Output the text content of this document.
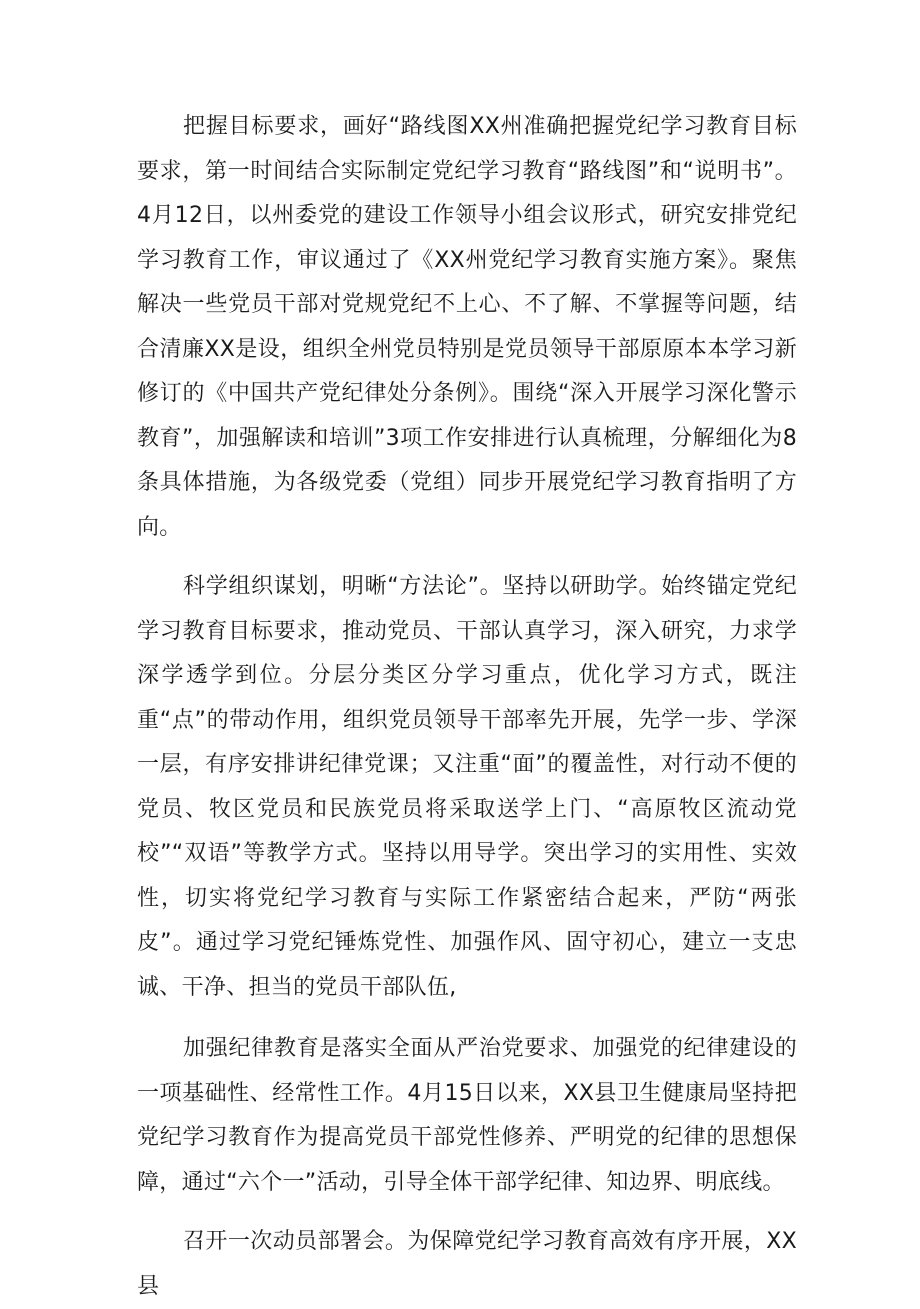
把握目标要求，画好“路线图XX州准确把握党纪学习教育目标要求，第一时间结合实际制定党纪学习教育“路线图”和“说明书”。4月12日，以州委党的建设工作领导小组会议形式，研究安排党纪学习教育工作，审议通过了《XX州党纪学习教育实施方案》。聚焦解决一些党员干部对党规党纪不上心、不了解、不掌握等问题，结合清廉XX是设，组织全州党员特别是党员领导干部原原本本学习新修订的《中国共产党纪律处分条例》。围绕“深入开展学习深化警示教育”，加强解读和培训”3项工作安排进行认真梳理，分解细化为8条具体措施，为各级党委（党组）同步开展党纪学习教育指明了方向。

科学组织谋划，明晰“方法论”。坚持以研助学。始终锚定党纪学习教育目标要求，推动党员、干部认真学习，深入研究，力求学深学透学到位。分层分类区分学习重点，优化学习方式，既注重“点”的带动作用，组织党员领导干部率先开展，先学一步、学深一层，有序安排讲纪律党课；又注重“面”的覆盖性，对行动不便的党员、牧区党员和民族党员将采取送学上门、“高原牧区流动党校”“双语”等教学方式。坚持以用导学。突出学习的实用性、实效性，切实将党纪学习教育与实际工作紧密结合起来，严防“两张皮”。通过学习党纪锤炼党性、加强作风、固守初心，建立一支忠诚、干净、担当的党员干部队伍,

加强纪律教育是落实全面从严治党要求、加强党的纪律建设的一项基础性、经常性工作。4月15日以来，XX县卫生健康局坚持把党纪学习教育作为提高党员干部党性修养、严明党的纪律的思想保障，通过“六个一”活动，引导全体干部学纪律、知边界、明底线。

召开一次动员部署会。为保障党纪学习教育高效有序开展，XX县
